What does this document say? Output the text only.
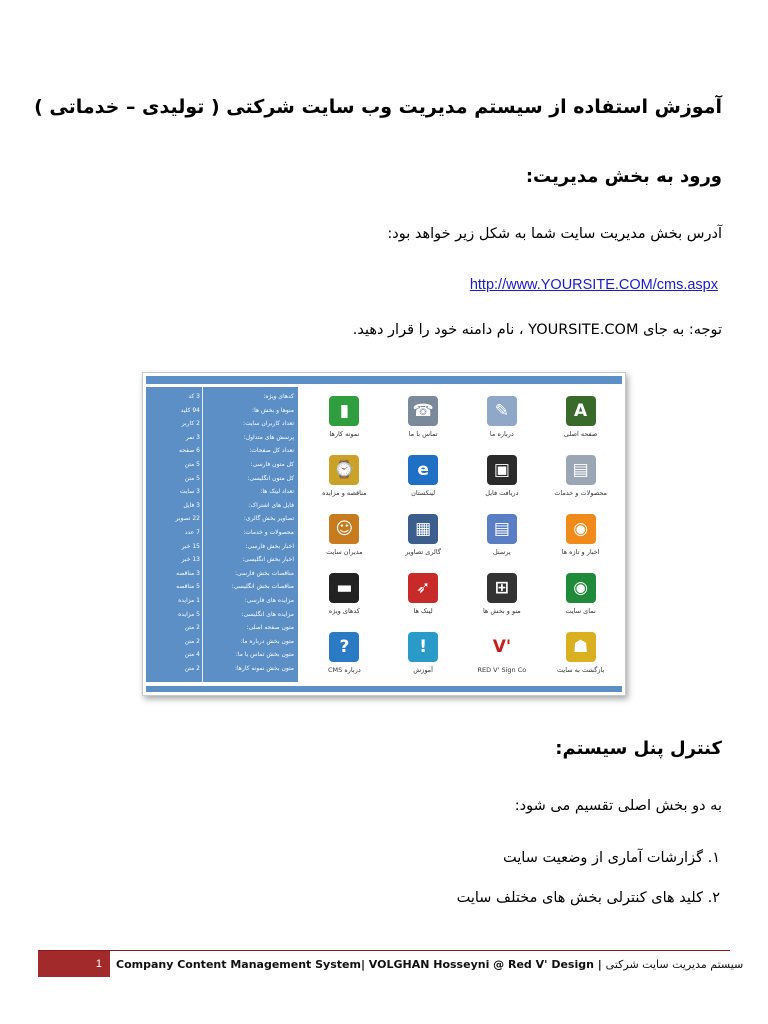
آموزش استفاده از سیستم مدیریت وب سایت شرکتی ( تولیدی – خدماتی )
ورود به بخش مدیریت:
آدرس بخش مدیریت سایت شما به شکل زیر خواهد بود:
http://www.YOURSITE.COM/cms.aspx
توجه: به جای YOURSITE.COM ، نام دامنه خود را قرار دهید.
کدهای ویژه:
3 کد
منوها و بخش ها:
94 کلید
تعداد کاربران سایت:
2 کاربر
پرسش های متداول:
3 نمر
تعداد کل صفحات:
6 صفحه
کل متون فارسی:
5 متن
کل متون انگلیسی:
5 متن
تعداد لینک ها:
3 سایت
فایل های اشتراک:
3 فایل
تصاویر بخش گالری:
22 تصویر
محصولات و خدمات:
7 عدد
اخبار بخش فارسی:
15 خبر
اخبار بخش انگلیسی:
13 خبر
مناقصات بخش فارسی:
3 مناقصه
مناقصات بخش انگلیسی:
5 مناقصه
مزایده های فارسی:
1 مزایده
مزایده های انگلیسی:
5 مزایده
متون صفحه اصلی:
2 متن
متون بخش درباره ما:
2 متن
متون بخش تماس با ما:
4 متن
متون بخش نمونه کارها:
2 متن
▮
نمونه کارها
☎
تماس با ما
✎
درباره ما
A
صفحه اصلی
⌚
مناقصه و مزایده
e
لینکستان
▣
دریافت فایل
▤
محصولات و خدمات
☺
مدیران سایت
▦
گالری تصاویر
▤
پرسنل
◉
اخبار و تازه ها
▬
کدهای ویژه
➶
لینک ها
⊞
منو و بخش ها
◉
نمای سایت
?
درباره CMS
!
آموزش
V'
RED V' Sign Co
☗
بازگشت به سایت
کنترل پنل سیستم:
به دو بخش اصلی تقسیم می شود:
۱. گزارشات آماری از وضعیت سایت
۲. کلید های کنترلی بخش های مختلف سایت
1 Company Content Management System| VOLGHAN Hosseyni @ Red V' Design | سیستم مدیریت سایت شرکتی
